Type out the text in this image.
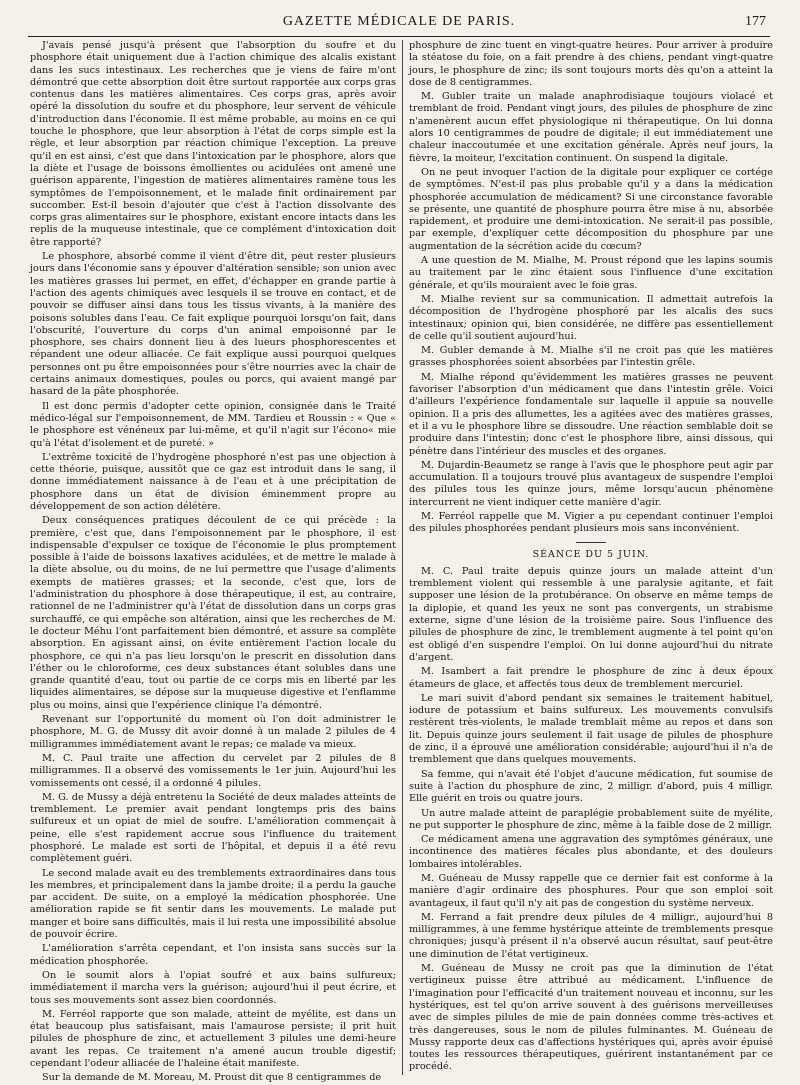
GAZETTE MÉDICALE DE PARIS.	177

J'avais pensé jusqu'à présent que l'absorption du soufre et du phosphore était uniquement due à l'action chimique des alcalis existant dans les sucs intestinaux. Les recherches que je viens de faire m'ont démontré que cette absorption doit être surtout rapportée aux corps gras contenus dans les matières alimentaires. Ces corps gras, après avoir opéré la dissolution du soufre et du phosphore, leur servent de véhicule d'introduction dans l'économie. Il est même probable, au moins en ce qui touche le phosphore, que leur absorption à l'état de corps simple est la règle, et leur absorption par réaction chimique l'exception. La preuve qu'il en est ainsi, c'est que dans l'intoxication par le phosphore, alors que la diète et l'usage de boissons émollientes ou acidulées ont amené une guérison apparente, l'ingestion de matières alimentaires ramène tous les symptômes de l'empoisonnement, et le malade finit ordinairement par succomber. Est-il besoin d'ajouter que c'est à l'action dissolvante des corps gras alimentaires sur le phosphore, existant encore intacts dans les replis de la muqueuse intestinale, que ce complément d'intoxication doit être rapporté?

Le phosphore, absorbé comme il vient d'être dit, peut rester plusieurs jours dans l'économie sans y épouver d'altération sensible; son union avec les matières grasses lui permet, en effet, d'échapper en grande partie à l'action des agents chimiques avec lesquels il se trouve en contact, et de pouvoir se diffuser ainsi dans tous les tissus vivants, à la manière des poisons solubles dans l'eau. Ce fait explique pourquoi lorsqu'on fait, dans l'obscurité, l'ouverture du corps d'un animal empoisonné par le phosphore, ses chairs donnent lieu à des lueurs phosphorescentes et répandent une odeur alliacée. Ce fait explique aussi pourquoi quelques personnes ont pu être empoisonnées pour s'être nourries avec la chair de certains animaux domestiques, poules ou porcs, qui avaient mangé par hasard de la pâte phosphorée.

Il est donc permis d'adopter cette opinion, consignée dans le Traité médico-légal sur l'empoisonnement, de MM. Tardieu et Roussin : « Que « le phosphore est vénéneux par lui-même, et qu'il n'agit sur l'écono« mie qu'à l'état d'isolement et de pureté. »

L'extrême toxicité de l'hydrogène phosphoré n'est pas une objection à cette théorie, puisque, aussitôt que ce gaz est introduit dans le sang, il donne immédiatement naissance à de l'eau et à une précipitation de phosphore dans un état de division éminemment propre au développement de son action délétère.

Deux conséquences pratiques découlent de ce qui précède : la première, c'est que, dans l'empoisonnement par le phosphore, il est indispensable d'expulser ce toxique de l'économie le plus promptement possible à l'aide de boissons laxatives acidulées, et de mettre le malade à la diète absolue, ou du moins, de ne lui permettre que l'usage d'aliments exempts de matières grasses; et la seconde, c'est que, lors de l'administration du phosphore à dose thérapeutique, il est, au contraire, rationnel de ne l'administrer qu'à l'état de dissolution dans un corps gras surchauffé, ce qui empêche son altération, ainsi que les recherches de M. le docteur Méhu l'ont parfaitement bien démontré, et assure sa complète absorption. En agissant ainsi, on évite entièrement l'action locale du phosphore, ce qui n'a pas lieu lorsqu'on le prescrit en dissolution dans l'éther ou le chloroforme, ces deux substances étant solubles dans une grande quantité d'eau, tout ou partie de ce corps mis en liberté par les liquides alimentaires, se dépose sur la muqueuse digestive et l'enflamme plus ou moins, ainsi que l'expérience clinique l'a démontré.

Revenant sur l'opportunité du moment où l'on doit administrer le phosphore, M. G. de Mussy dit avoir donné à un malade 2 pilules de 4 milligrammes immédiatement avant le repas; ce malade va mieux.

M. C. Paul traite une affection du cervelet par 2 pilules de 8 milligrammes. Il a observé des vomissements le 1er juin. Aujourd'hui les vomissements ont cessé, il a ordonné 4 pilules.

M. G. de Mussy a déjà entretenu la Société de deux malades atteints de tremblement. Le premier avait pendant longtemps pris des bains sulfureux et un opiat de miel de soufre. L'amélioration commençait à peine, elle s'est rapidement accrue sous l'influence du traitement phosphoré. Le malade est sorti de l'hôpital, et depuis il a été revu complètement guéri.

Le second malade avait eu des tremblements extraordinaires dans tous les membres, et principalement dans la jambe droite; il a perdu la gauche par accident. De suite, on a employé la médication phosphorée. Une amélioration rapide se fit sentir dans les mouvements. Le malade put manger et boire sans difficultés, mais il lui resta une impossibilité absolue de pouvoir écrire.

L'amélioration s'arrêta cependant, et l'on insista sans succès sur la médication phosphorée.

On le soumit alors à l'opiat soufré et aux bains sulfureux; immédiatement il marcha vers la guérison; aujourd'hui il peut écrire, et tous ses mouvements sont assez bien coordonnés.

M. Ferréol rapporte que son malade, atteint de myélite, est dans un état beaucoup plus satisfaisant, mais l'amaurose persiste; il prit huit pilules de phosphure de zinc, et actuellement 3 pilules une demi-heure avant les repas. Ce traitement n'a amené aucun trouble digestif; cependant l'odeur alliacée de l'haleine était manifeste.

Sur la demande de M. Moreau, M. Proust dit que 8 centigrammes de

phosphure de zinc tuent en vingt-quatre heures. Pour arriver à produire la stéatose du foie, on a fait prendre à des chiens, pendant vingt-quatre jours, le phosphure de zinc; ils sont toujours morts dès qu'on a atteint la dose de 8 centigrammes.

M. Gubler traite un malade anaphrodisiaque toujours violacé et tremblant de froid. Pendant vingt jours, des pilules de phosphure de zinc n'amenèrent aucun effet physiologique ni thérapeutique. On lui donna alors 10 centigrammes de poudre de digitale; il eut immédiatement une chaleur inaccoutumée et une excitation générale. Après neuf jours, la fièvre, la moiteur, l'excitation continuent. On suspend la digitale.

On ne peut invoquer l'action de la digitale pour expliquer ce cortége de symptômes. N'est-il pas plus probable qu'il y a dans la médication phosphorée accumulation de médicament? Si une circonstance favorable se présente, une quantité de phosphure pourra être mise à nu, absorbée rapidement, et produire une demi-intoxication. Ne serait-il pas possible, par exemple, d'expliquer cette décomposition du phosphure par une augmentation de la sécrétion acide du cœcum?

A une question de M. Mialhe, M. Proust répond que les lapins soumis au traitement par le zinc étaient sous l'influence d'une excitation générale, et qu'ils mouraient avec le foie gras.

M. Mialhe revient sur sa communication. Il admettait autrefois la décomposition de l'hydrogène phosphoré par les alcalis des sucs intestinaux; opinion qui, bien considérée, ne diffère pas essentiellement de celle qu'il soutient aujourd'hui.

M. Gubler demande à M. Mialhe s'il ne croit pas que les matières grasses phosphorées soient absorbées par l'intestin grêle.

M. Mialhe répond qu'évidemment les matières grasses ne peuvent favoriser l'absorption d'un médicament que dans l'intestin grêle. Voici d'ailleurs l'expérience fondamentale sur laquelle il appuie sa nouvelle opinion. Il a pris des allumettes, les a agitées avec des matières grasses, et il a vu le phosphore libre se dissoudre. Une réaction semblable doit se produire dans l'intestin; donc c'est le phosphore libre, ainsi dissous, qui pénètre dans l'intérieur des muscles et des organes.

M. Dujardin-Beaumetz se range à l'avis que le phosphore peut agir par accumulation. Il a toujours trouvé plus avantageux de suspendre l'emploi des pilules tous les quinze jours, même lorsqu'aucun phénomène intercurrent ne vient indiquer cette manière d'agir.

M. Ferréol rappelle que M. Vigier a pu cependant continuer l'emploi des pilules phosphorées pendant plusieurs mois sans inconvénient.

SÉANCE DU 5 JUIN.

M. C. Paul traite depuis quinze jours un malade atteint d'un tremblement violent qui ressemble à une paralysie agitante, et fait supposer une lésion de la protubérance. On observe en même temps de la diplopie, et quand les yeux ne sont pas convergents, un strabisme externe, signe d'une lésion de la troisième paire. Sous l'influence des pilules de phosphure de zinc, le tremblement augmente à tel point qu'on est obligé d'en suspendre l'emploi. On lui donne aujourd'hui du nitrate d'argent.

M. Isambert a fait prendre le phosphure de zinc à deux époux étameurs de glace, et affectés tous deux de tremblement mercuriel.

Le mari suivit d'abord pendant six semaines le traitement habituel, iodure de potassium et bains sulfureux. Les mouvements convulsifs restèrent très-violents, le malade tremblait même au repos et dans son lit. Depuis quinze jours seulement il fait usage de pilules de phosphure de zinc, il a éprouvé une amélioration considérable; aujourd'hui il n'a de tremblement que dans quelques mouvements.

Sa femme, qui n'avait été l'objet d'aucune médication, fut soumise de suite à l'action du phosphure de zinc, 2 milligr. d'abord, puis 4 milligr. Elle guérit en trois ou quatre jours.

Un autre malade atteint de paraplégie probablement suite de myélite, ne put supporter le phosphure de zinc, même à la faible dose de 2 milligr.

Ce médicament amena une aggravation des symptômes généraux, une incontinence des matières fécales plus abondante, et des douleurs lombaires intolérables.

M. Guéneau de Mussy rappelle que ce dernier fait est conforme à la manière d'agir ordinaire des phosphures. Pour que son emploi soit avantageux, il faut qu'il n'y ait pas de congestion du système nerveux.

M. Ferrand a fait prendre deux pilules de 4 milligr., aujourd'hui 8 milligrammes, à une femme hystérique atteinte de tremblements presque chroniques; jusqu'à présent il n'a observé aucun résultat, sauf peut-être une diminution de l'état vertigineux.

M. Guéneau de Mussy ne croit pas que la diminution de l'état vertigineux puisse être attribué au médicament. L'influence de l'imagination pour l'efficacité d'un traitement nouveau et inconnu, sur les hystériques, est tel qu'on arrive souvent à des guérisons merveilleuses avec de simples pilules de mie de pain données comme très-actives et très dangereuses, sous le nom de pilules fulminantes. M. Guéneau de Mussy rapporte deux cas d'affections hystériques qui, après avoir épuisé toutes les ressources thérapeutiques, guérirent instantanément par ce procédé.
